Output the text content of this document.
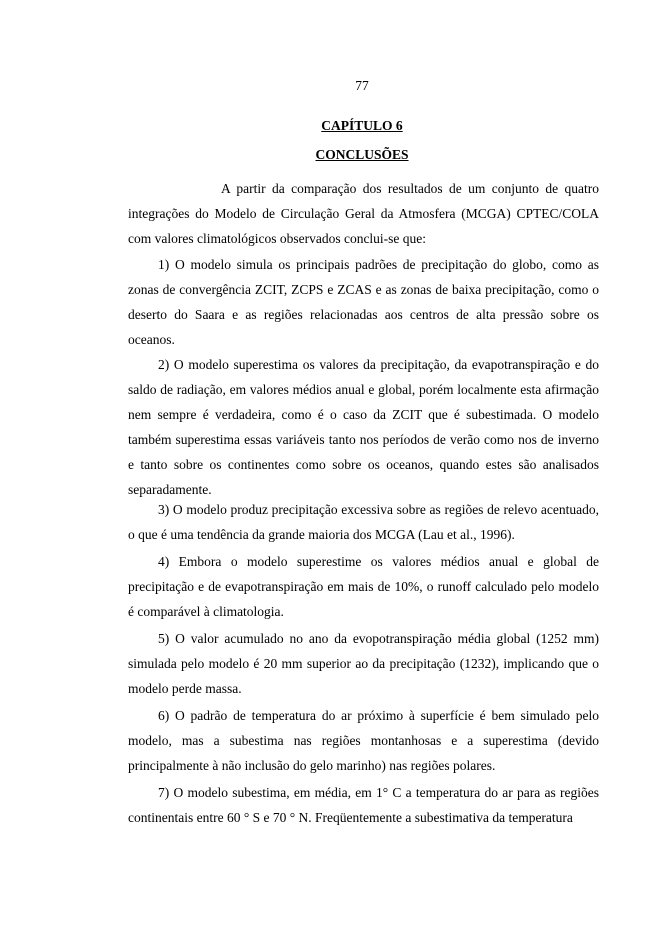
77
CAPÍTULO 6
CONCLUSÕES

A partir da comparação dos resultados de um conjunto de quatro integrações do Modelo de Circulação Geral da Atmosfera (MCGA) CPTEC/COLA com valores climatológicos observados conclui-se que:

1) O modelo simula os principais padrões de precipitação do globo, como as zonas de convergência ZCIT, ZCPS e ZCAS e as zonas de baixa precipitação, como o deserto do Saara e as regiões relacionadas aos centros de alta pressão sobre os oceanos.

2) O modelo superestima os valores da precipitação, da evapotranspiração e do saldo de radiação, em valores médios anual e global, porém localmente esta afirmação nem sempre é verdadeira, como é o caso da ZCIT que é subestimada. O modelo também superestima essas variáveis tanto nos períodos de verão como nos de inverno e tanto sobre os continentes como sobre os oceanos, quando estes são analisados separadamente.

3) O modelo produz precipitação excessiva sobre as regiões de relevo acentuado, o que é uma tendência da grande maioria dos MCGA (Lau et al., 1996).

4) Embora o modelo superestime os valores médios anual e global de precipitação e de evapotranspiração em mais de 10%, o runoff calculado pelo modelo é comparável à climatologia.

5) O valor acumulado no ano da evopotranspiração média global (1252 mm) simulada pelo modelo é 20 mm superior ao da precipitação (1232), implicando que o modelo perde massa.

6) O padrão de temperatura do ar próximo à superfície é bem simulado pelo modelo, mas a subestima nas regiões montanhosas e a superestima (devido principalmente à não inclusão do gelo marinho) nas regiões polares.

7) O modelo subestima, em média, em 1° C a temperatura do ar para as regiões continentais entre 60 ° S e 70 ° N. Freqüentemente a subestimativa da temperatura
